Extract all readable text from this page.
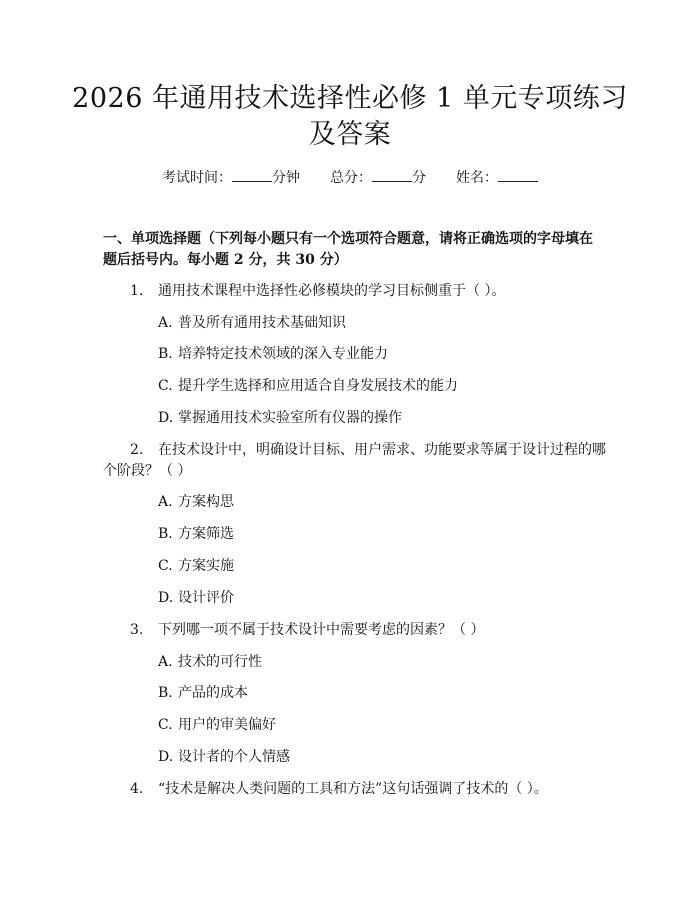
2026 年通用技术选择性必修 1 单元专项练习
及答案
考试时间：	分钟 总分：	分 姓名：
一、单项选择题（下列每小题只有一个选项符合题意，请将正确选项的字母填在
题后括号内。每小题 2 分，共 30 分）
1. 通用技术课程中选择性必修模块的学习目标侧重于（ ）。
A. 普及所有通用技术基础知识
B. 培养特定技术领域的深入专业能力
C. 提升学生选择和应用适合自身发展技术的能力
D. 掌握通用技术实验室所有仪器的操作
2. 在技术设计中，明确设计目标、用户需求、功能要求等属于设计过程的哪
个阶段？（ ）
A. 方案构思
B. 方案筛选
C. 方案实施
D. 设计评价
3. 下列哪一项不属于技术设计中需要考虑的因素？（ ）
A. 技术的可行性
B. 产品的成本
C. 用户的审美偏好
D. 设计者的个人情感
4. “技术是解决人类问题的工具和方法”这句话强调了技术的（ ）。
